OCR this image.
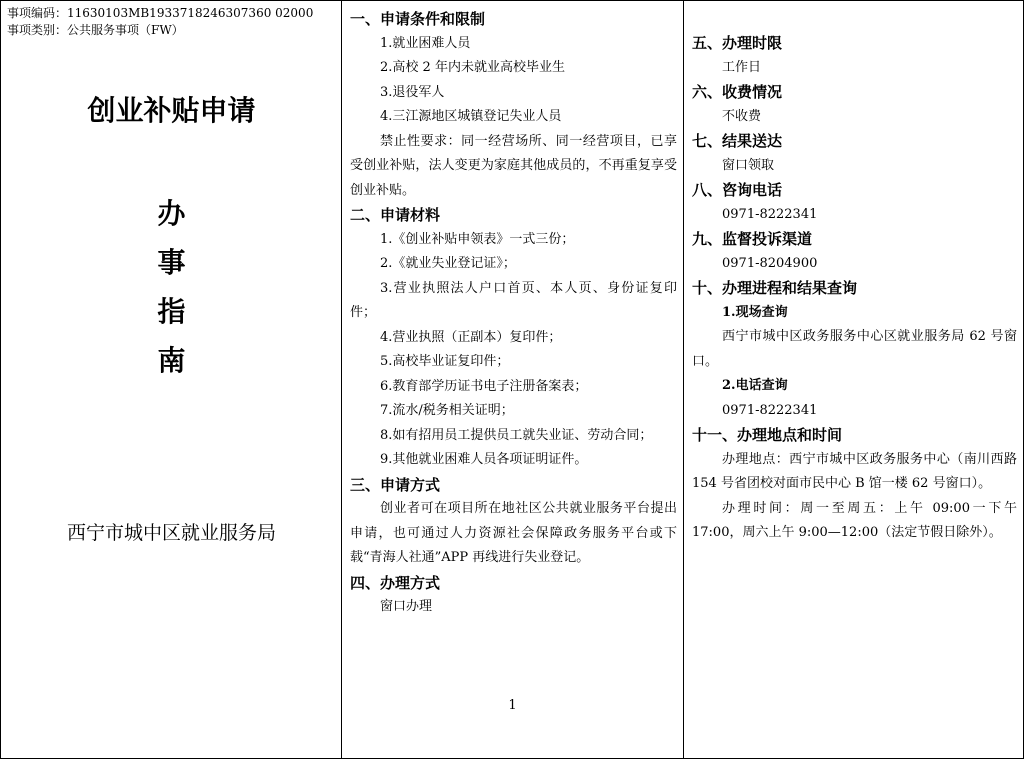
事项编码：11630103MB1933718246307360 02000
事项类别：公共服务事项（FW）
创业补贴申请
办
事
指
南
西宁市城中区就业服务局
一、申请条件和限制
1.就业困难人员
2.高校 2 年内未就业高校毕业生
3.退役军人
4.三江源地区城镇登记失业人员
禁止性要求：同一经营场所、同一经营项目，已享受创业补贴，法人变更为家庭其他成员的，不再重复享受创业补贴。
二、申请材料
1.《创业补贴申领表》一式三份；
2.《就业失业登记证》；
3.营业执照法人户口首页、本人页、身份证复印件；
4.营业执照（正副本）复印件；
5.高校毕业证复印件；
6.教育部学历证书电子注册备案表；
7.流水/税务相关证明；
8.如有招用员工提供员工就失业证、劳动合同；
9.其他就业困难人员各项证明证件。
三、申请方式
创业者可在项目所在地社区公共就业服务平台提出申请，也可通过人力资源社会保障政务服务平台或下载“青海人社通”APP 再线进行失业登记。
四、办理方式
窗口办理
1
五、办理时限
工作日
六、收费情况
不收费
七、结果送达
窗口领取
八、咨询电话
0971-8222341
九、监督投诉渠道
0971-8204900
十、办理进程和结果查询
1.现场查询
西宁市城中区政务服务中心区就业服务局 62 号窗口。
2.电话查询
0971-8222341
十一、办理地点和时间
办理地点：西宁市城中区政务服务中心（南川西路 154 号省团校对面市民中心 B 馆一楼 62 号窗口）。
办理时间：周一至周五：上午 09:00一下午 17:00，周六上午 9:00—12:00（法定节假日除外）。
